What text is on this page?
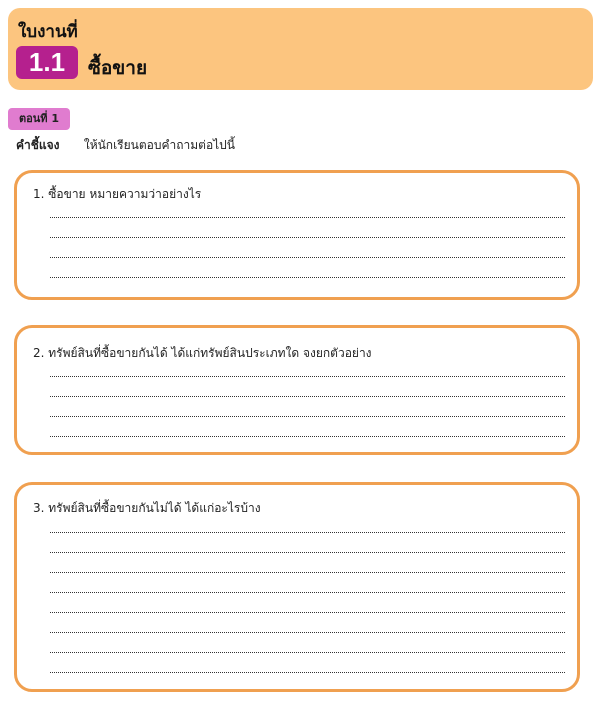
ใบงานที่
1.1	ซื้อขาย
ตอนที่ 1
คำชี้แจง ให้นักเรียนตอบคำถามต่อไปนี้
1. ซื้อขาย หมายความว่าอย่างไร
2. ทรัพย์สินที่ซื้อขายกันได้ ได้แก่ทรัพย์สินประเภทใด จงยกตัวอย่าง
3. ทรัพย์สินที่ซื้อขายกันไม่ได้ ได้แก่อะไรบ้าง
